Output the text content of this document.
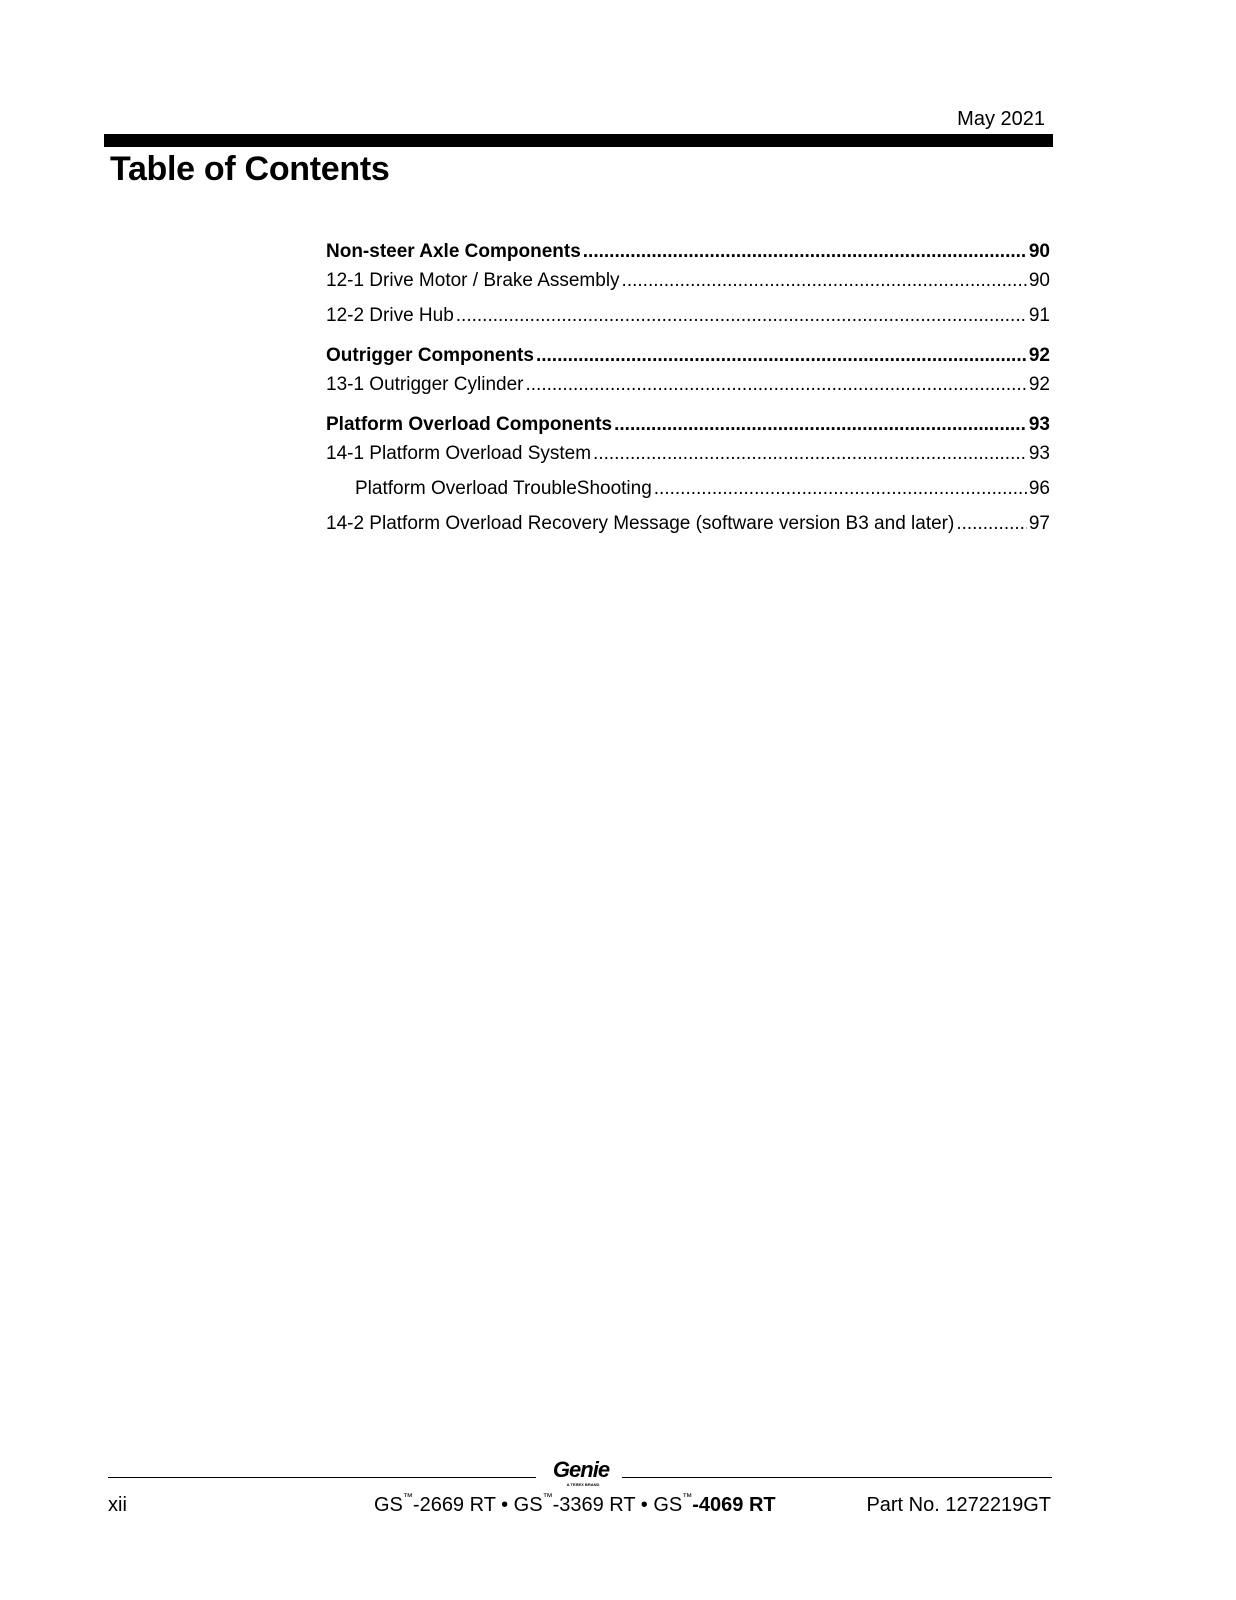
May 2021
Table of Contents
Non-steer Axle Components .....	90
12-1 Drive Motor / Brake Assembly .....	90
12-2 Drive Hub .....	91
Outrigger Components .....	92
13-1 Outrigger Cylinder .....	92
Platform Overload Components .....	93
14-1 Platform Overload System .....	93
Platform Overload TroubleShooting .....	96
14-2 Platform Overload Recovery Message (software version B3 and later) .....	97
Genie
A TEREX BRAND
xii	GS™-2669 RT • GS™-3369 RT • GS™-4069 RT	Part No. 1272219GT
